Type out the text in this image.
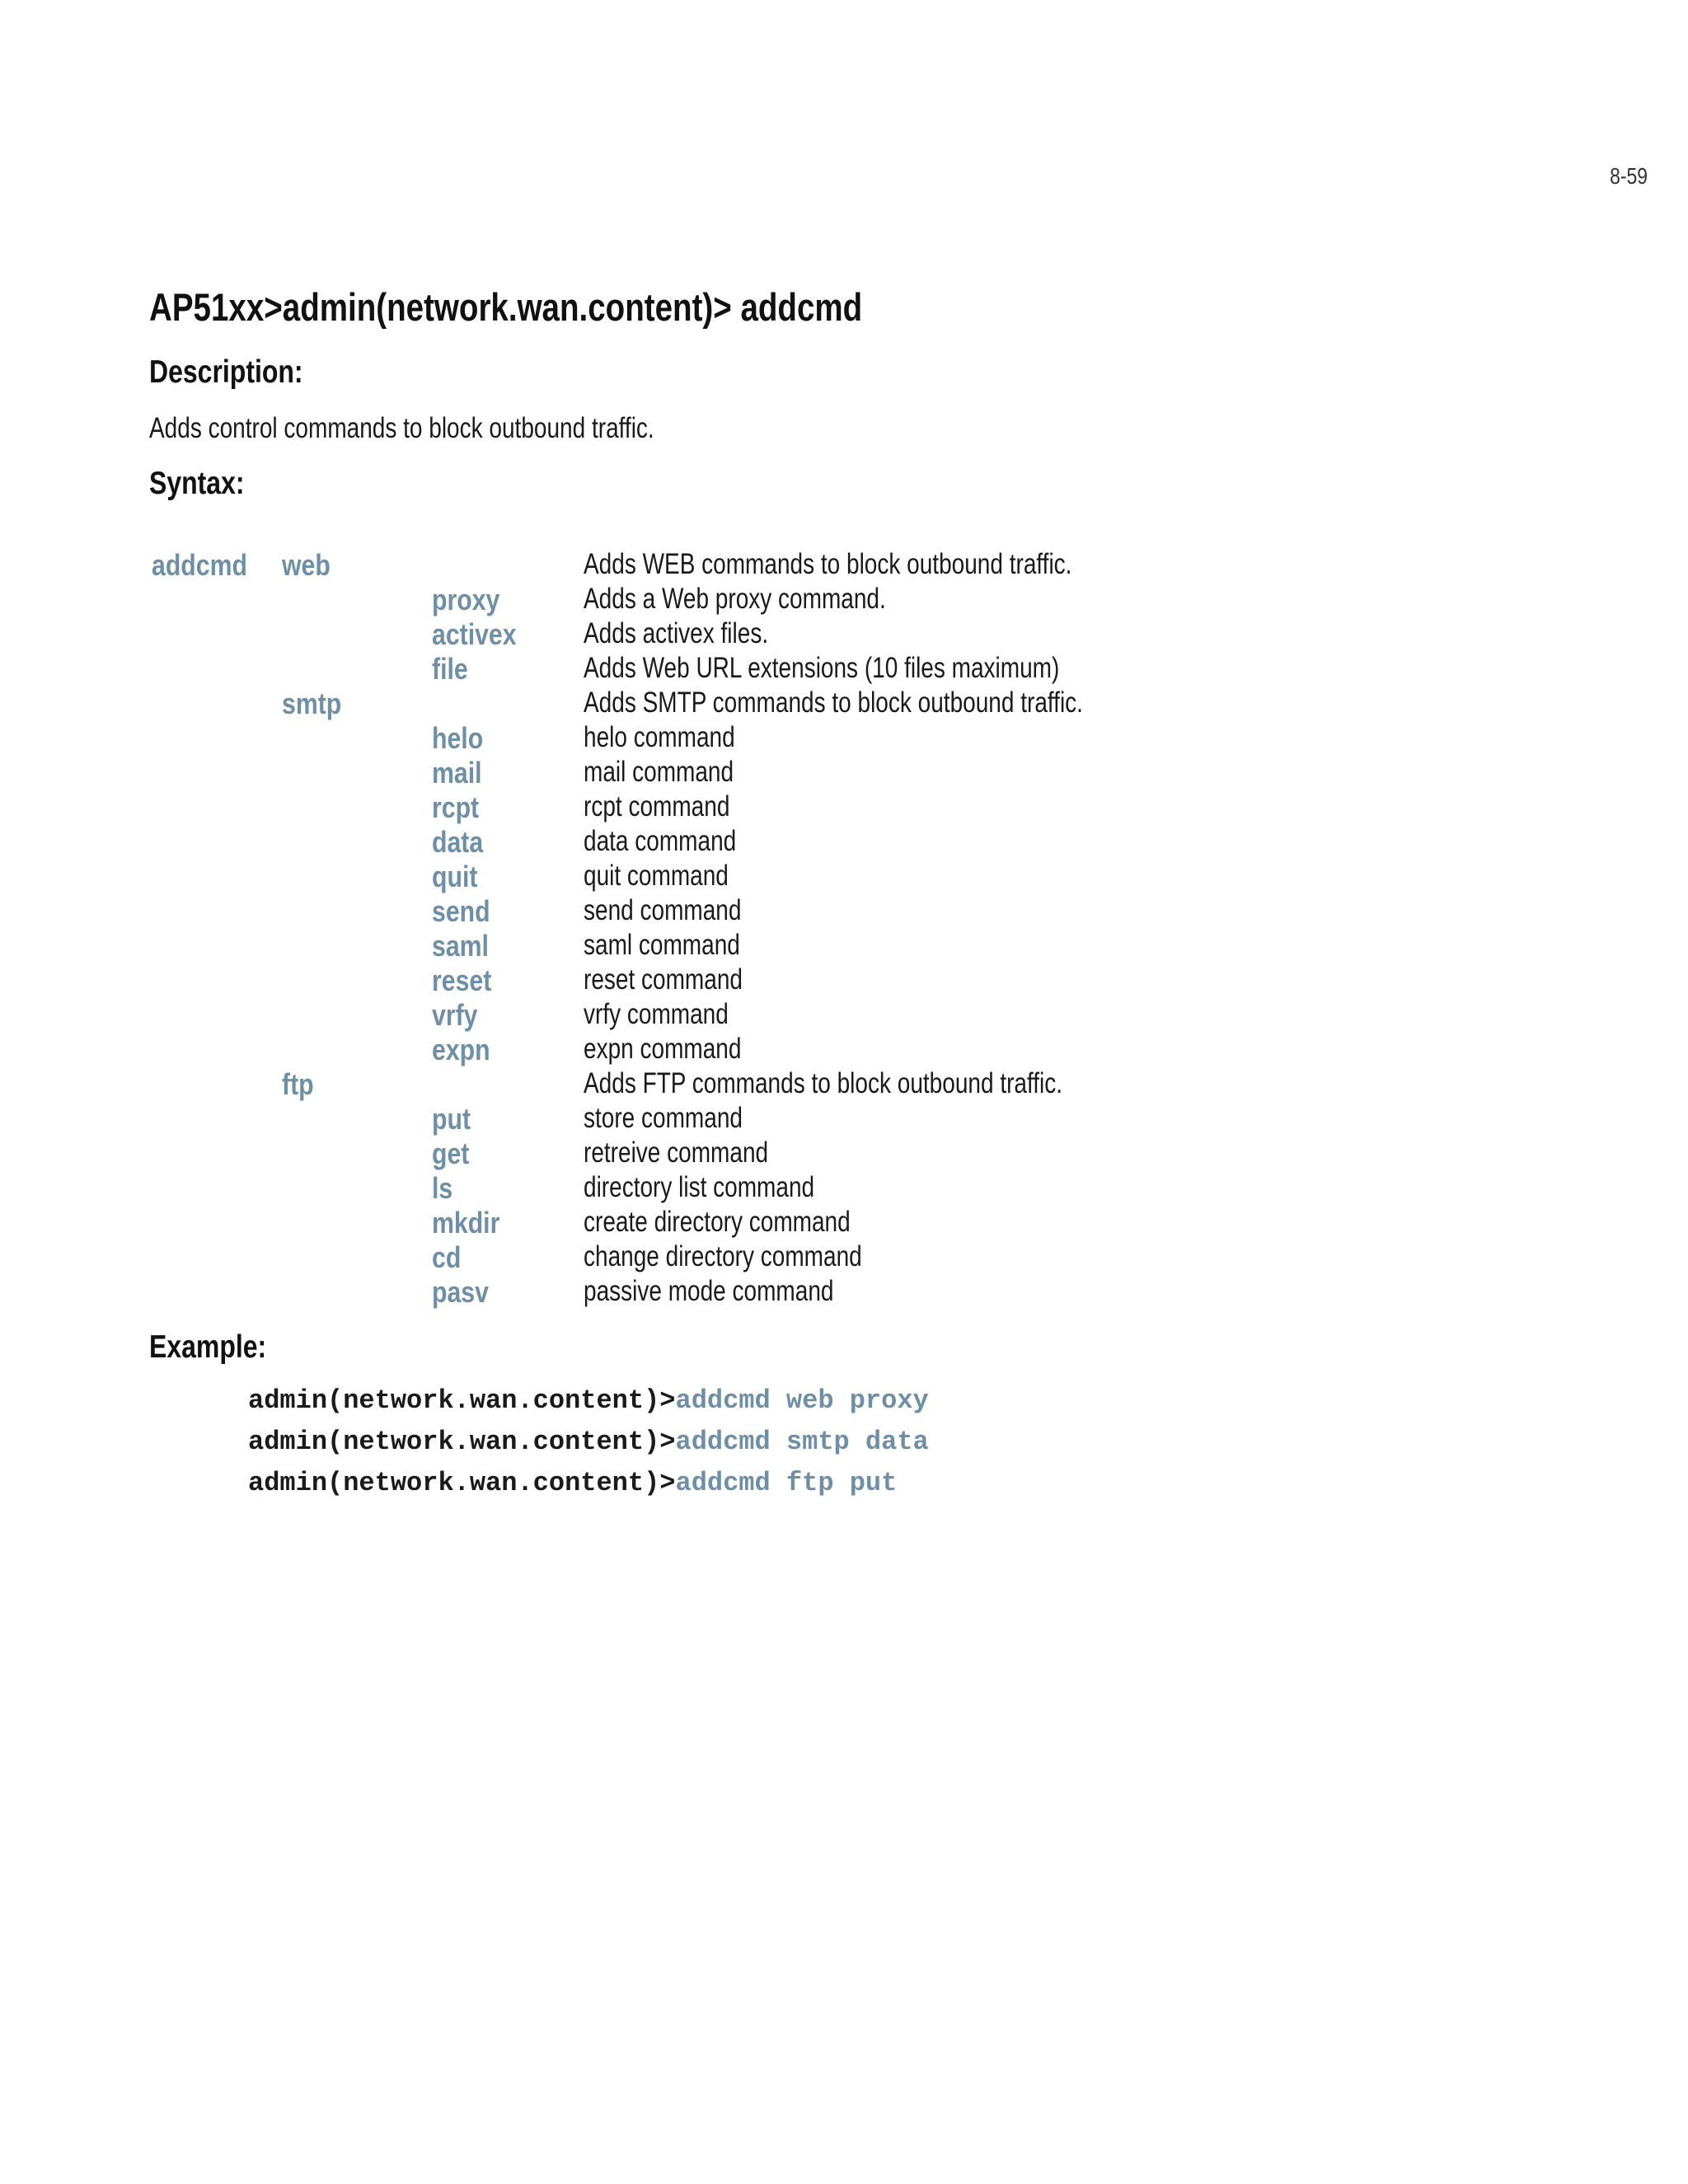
8-59
AP51xx>admin(network.wan.content)> addcmd
Description:
Adds control commands to block outbound traffic.
Syntax:
addcmd web	Adds WEB commands to block outbound traffic.
proxy	Adds a Web proxy command.
activex Adds activex files.
file	Adds Web URL extensions (10 files maximum)
smtp	Adds SMTP commands to block outbound traffic.
helo	helo command
mail	mail command
rcpt	rcpt command
data	data command
quit	quit command
send	send command
saml	saml command
reset	reset command
vrfy	vrfy command
expn	expn command
ftp	Adds FTP commands to block outbound traffic.
put	store command
get	retreive command
ls	directory list command
mkdir	create directory command
cd	change directory command
pasv	passive mode command
Example:
admin(network.wan.content)>addcmd web proxy
admin(network.wan.content)>addcmd smtp data
admin(network.wan.content)>addcmd ftp put
